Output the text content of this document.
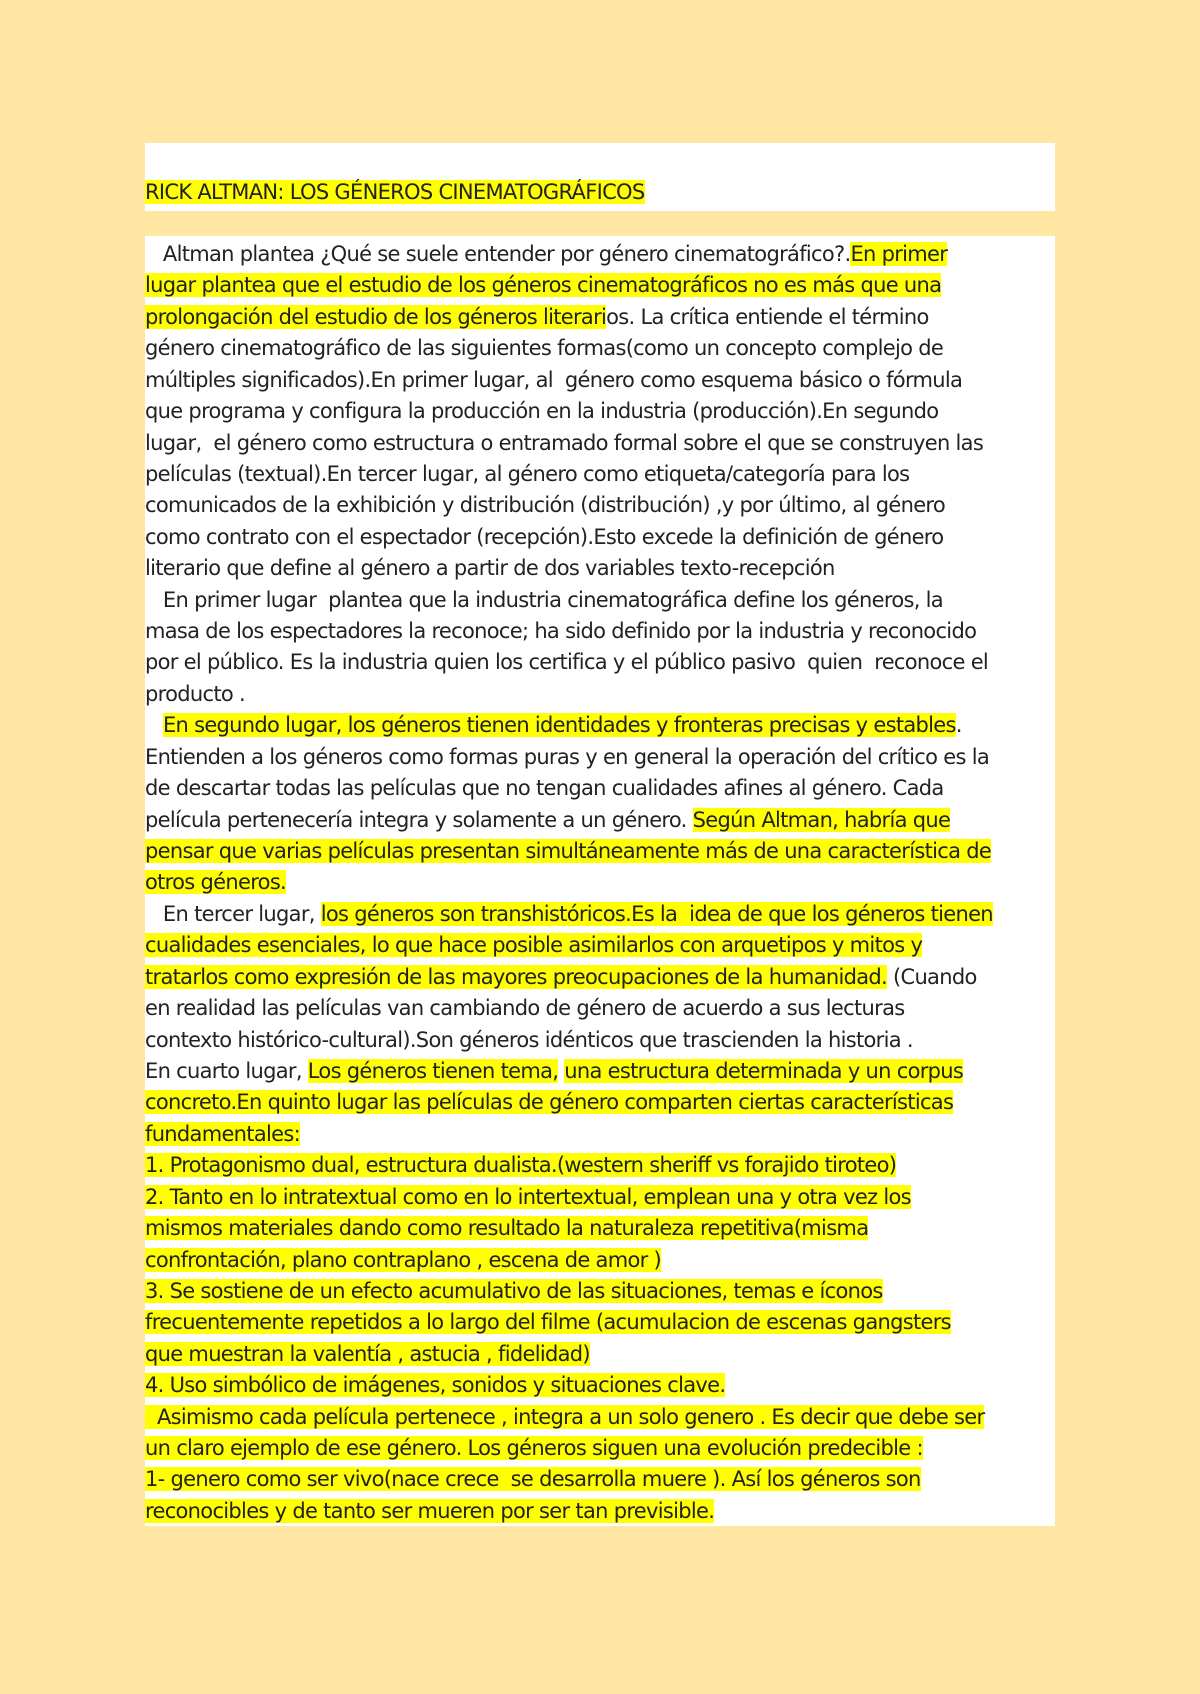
RICK ALTMAN: LOS GÉNEROS CINEMATOGRÁFICOS
Altman plantea ¿Qué se suele entender por género cinematográfico?.En primer
lugar plantea que el estudio de los géneros cinematográficos no es más que una
prolongación del estudio de los géneros literarios. La crítica entiende el término
género cinematográfico de las siguientes formas(como un concepto complejo de
múltiples significados).En primer lugar, al  género como esquema básico o fórmula
que programa y configura la producción en la industria (producción).En segundo
lugar,  el género como estructura o entramado formal sobre el que se construyen las
películas (textual).En tercer lugar, al género como etiqueta/categoría para los
comunicados de la exhibición y distribución (distribución) ,y por último, al género
como contrato con el espectador (recepción).Esto excede la definición de género
literario que define al género a partir de dos variables texto-recepción
En primer lugar  plantea que la industria cinematográfica define los géneros, la
masa de los espectadores la reconoce; ha sido definido por la industria y reconocido
por el público. Es la industria quien los certifica y el público pasivo  quien  reconoce el
producto .
En segundo lugar, los géneros tienen identidades y fronteras precisas y estables.
Entienden a los géneros como formas puras y en general la operación del crítico es la
de descartar todas las películas que no tengan cualidades afines al género. Cada
película pertenecería integra y solamente a un género. Según Altman, habría que
pensar que varias películas presentan simultáneamente más de una característica de
otros géneros.
En tercer lugar, los géneros son transhistóricos.Es la  idea de que los géneros tienen
cualidades esenciales, lo que hace posible asimilarlos con arquetipos y mitos y
tratarlos como expresión de las mayores preocupaciones de la humanidad. (Cuando
en realidad las películas van cambiando de género de acuerdo a sus lecturas
contexto histórico-cultural).Son géneros idénticos que trascienden la historia .
En cuarto lugar, Los géneros tienen tema, una estructura determinada y un corpus
concreto.En quinto lugar las películas de género comparten ciertas características
fundamentales:
1. Protagonismo dual, estructura dualista.(western sheriff vs forajido tiroteo)
2. Tanto en lo intratextual como en lo intertextual, emplean una y otra vez los
mismos materiales dando como resultado la naturaleza repetitiva(misma
confrontación, plano contraplano , escena de amor )
3. Se sostiene de un efecto acumulativo de las situaciones, temas e íconos
frecuentemente repetidos a lo largo del filme (acumulacion de escenas gangsters
que muestran la valentía , astucia , fidelidad)
4. Uso simbólico de imágenes, sonidos y situaciones clave.
Asimismo cada película pertenece , integra a un solo genero . Es decir que debe ser
un claro ejemplo de ese género. Los géneros siguen una evolución predecible :
1- genero como ser vivo(nace crece  se desarrolla muere ). Así los géneros son
reconocibles y de tanto ser mueren por ser tan previsible.
